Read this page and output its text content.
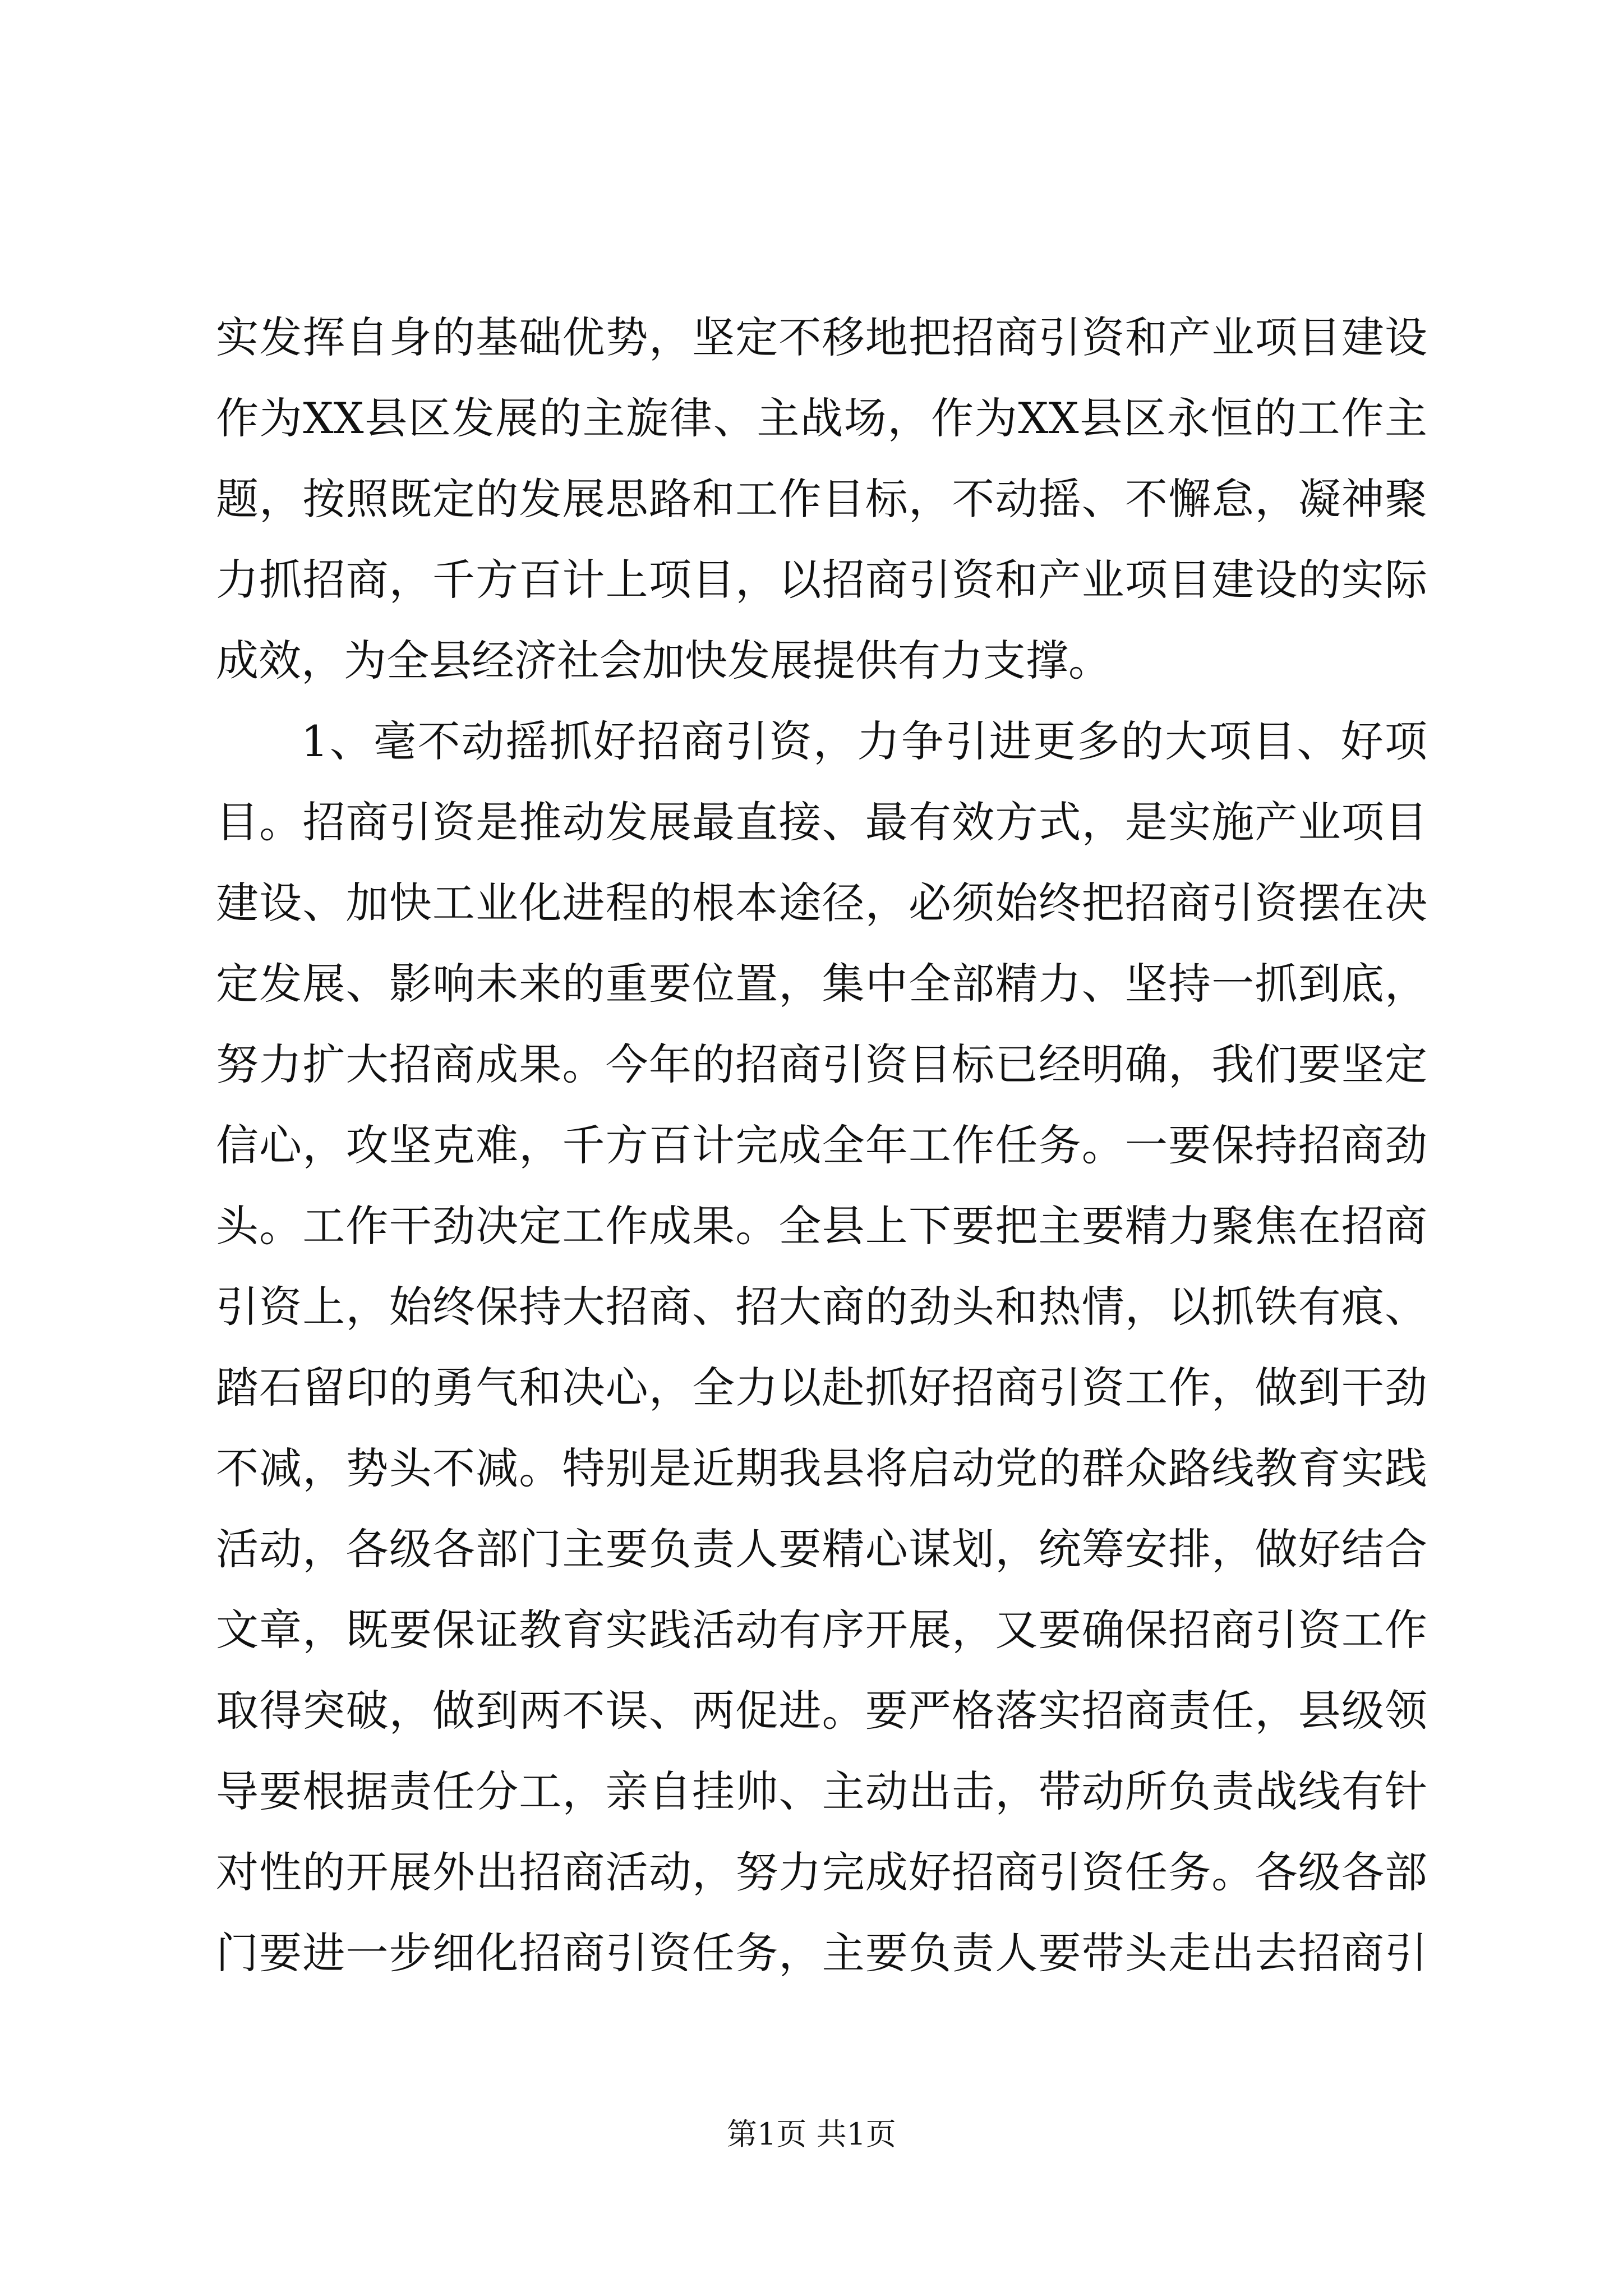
实发挥自身的基础优势，坚定不移地把招商引资和产业项目建设
作为XX县区发展的主旋律、主战场，作为XX县区永恒的工作主
题，按照既定的发展思路和工作目标，不动摇、不懈怠，凝神聚
力抓招商，千方百计上项目，以招商引资和产业项目建设的实际
成效，为全县经济社会加快发展提供有力支撑。
1、毫不动摇抓好招商引资，力争引进更多的大项目、好项
目。招商引资是推动发展最直接、最有效方式，是实施产业项目
建设、加快工业化进程的根本途径，必须始终把招商引资摆在决
定发展、影响未来的重要位置，集中全部精力、坚持一抓到底，
努力扩大招商成果。今年的招商引资目标已经明确，我们要坚定
信心，攻坚克难，千方百计完成全年工作任务。一要保持招商劲
头。工作干劲决定工作成果。全县上下要把主要精力聚焦在招商
引资上，始终保持大招商、招大商的劲头和热情，以抓铁有痕、
踏石留印的勇气和决心，全力以赴抓好招商引资工作，做到干劲
不减，势头不减。特别是近期我县将启动党的群众路线教育实践
活动，各级各部门主要负责人要精心谋划，统筹安排，做好结合
文章，既要保证教育实践活动有序开展，又要确保招商引资工作
取得突破，做到两不误、两促进。要严格落实招商责任，县级领
导要根据责任分工，亲自挂帅、主动出击，带动所负责战线有针
对性的开展外出招商活动，努力完成好招商引资任务。各级各部
门要进一步细化招商引资任务，主要负责人要带头走出去招商引
第1页 共1页
